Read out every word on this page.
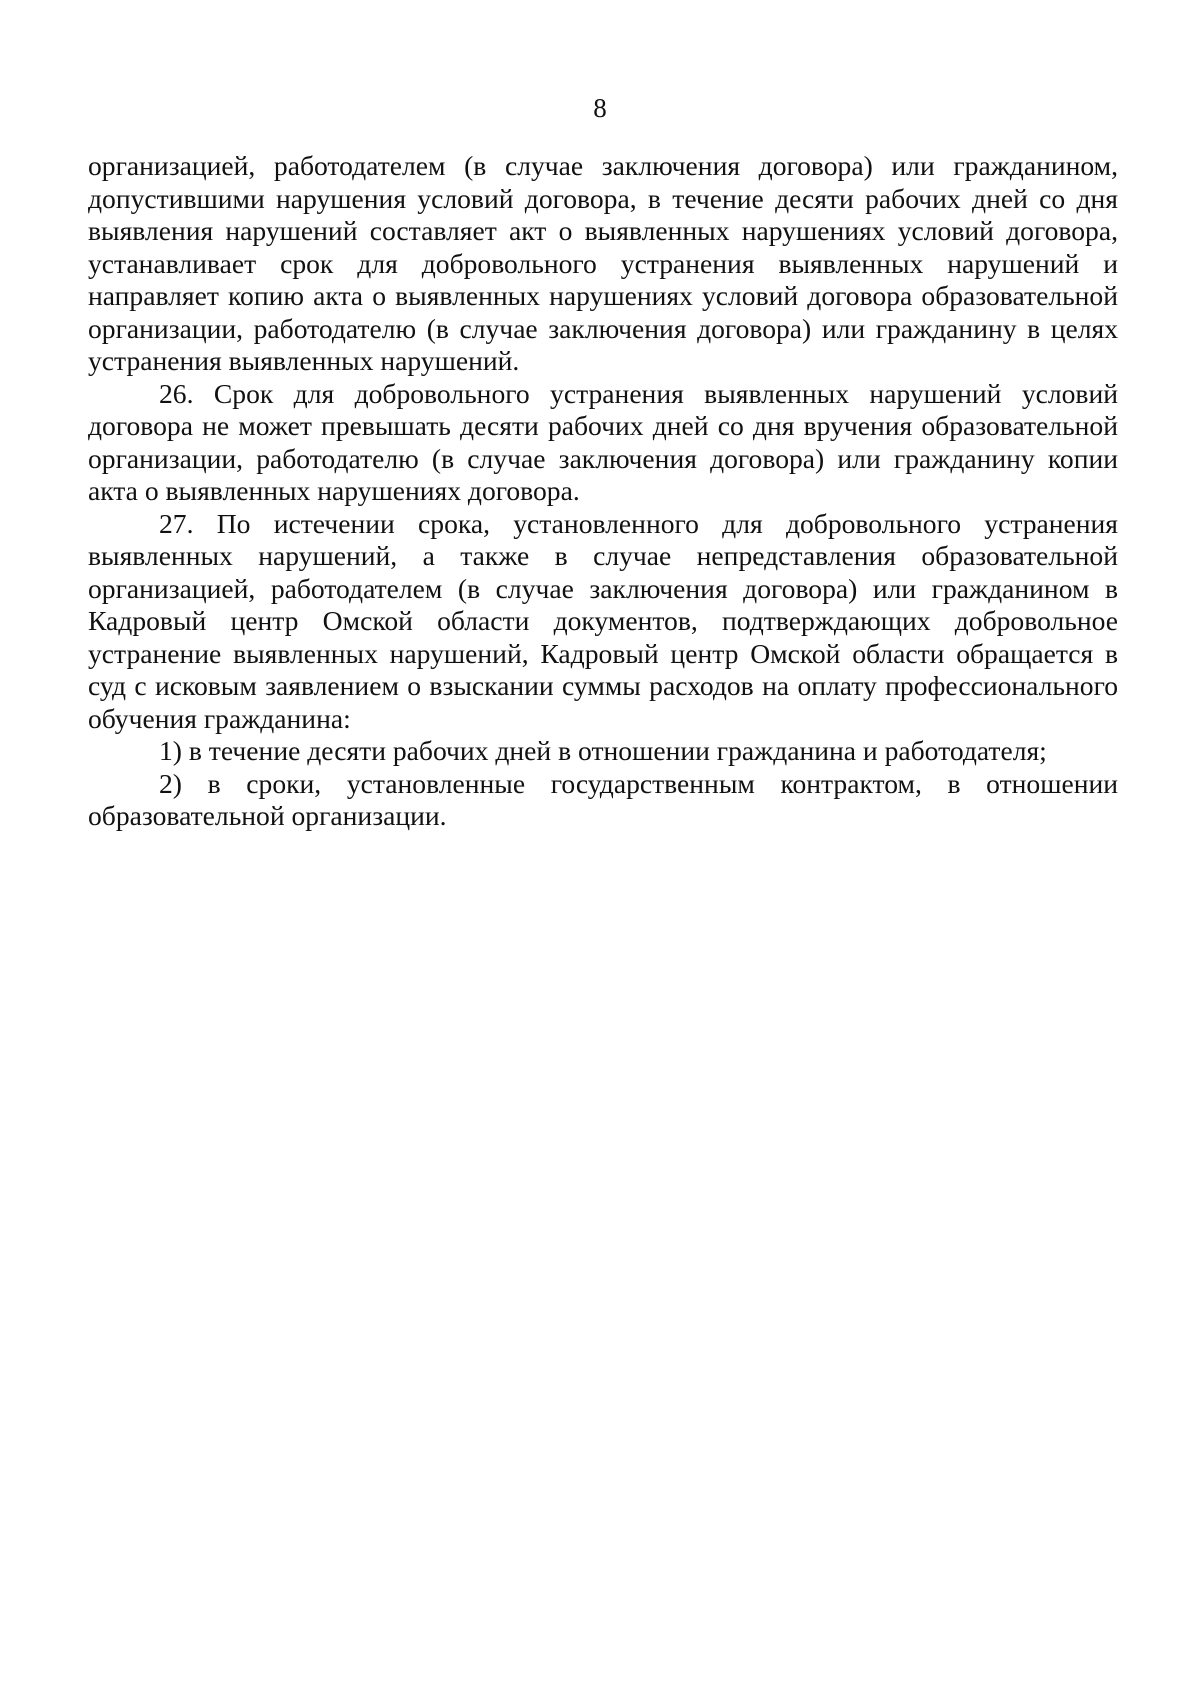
8

организацией, работодателем (в случае заключения договора) или гражданином, допустившими нарушения условий договора, в течение десяти рабочих дней со дня выявления нарушений составляет акт о выявленных нарушениях условий договора, устанавливает срок для добровольного устранения выявленных нарушений и направляет копию акта о выявленных нарушениях условий договора образовательной организации, работодателю (в случае заключения договора) или гражданину в целях устранения выявленных нарушений.

26. Срок для добровольного устранения выявленных нарушений условий договора не может превышать десяти рабочих дней со дня вручения образовательной организации, работодателю (в случае заключения договора) или гражданину копии акта о выявленных нарушениях договора.

27. По истечении срока, установленного для добровольного устранения выявленных нарушений, а также в случае непредставления образовательной организацией, работодателем (в случае заключения договора) или гражданином в Кадровый центр Омской области документов, подтверждающих добровольное устранение выявленных нарушений, Кадровый центр Омской области обращается в суд с исковым заявлением о взыскании суммы расходов на оплату профессионального обучения гражданина:

1) в течение десяти рабочих дней в отношении гражданина и работодателя;

2) в сроки, установленные государственным контрактом, в отношении образовательной организации.
